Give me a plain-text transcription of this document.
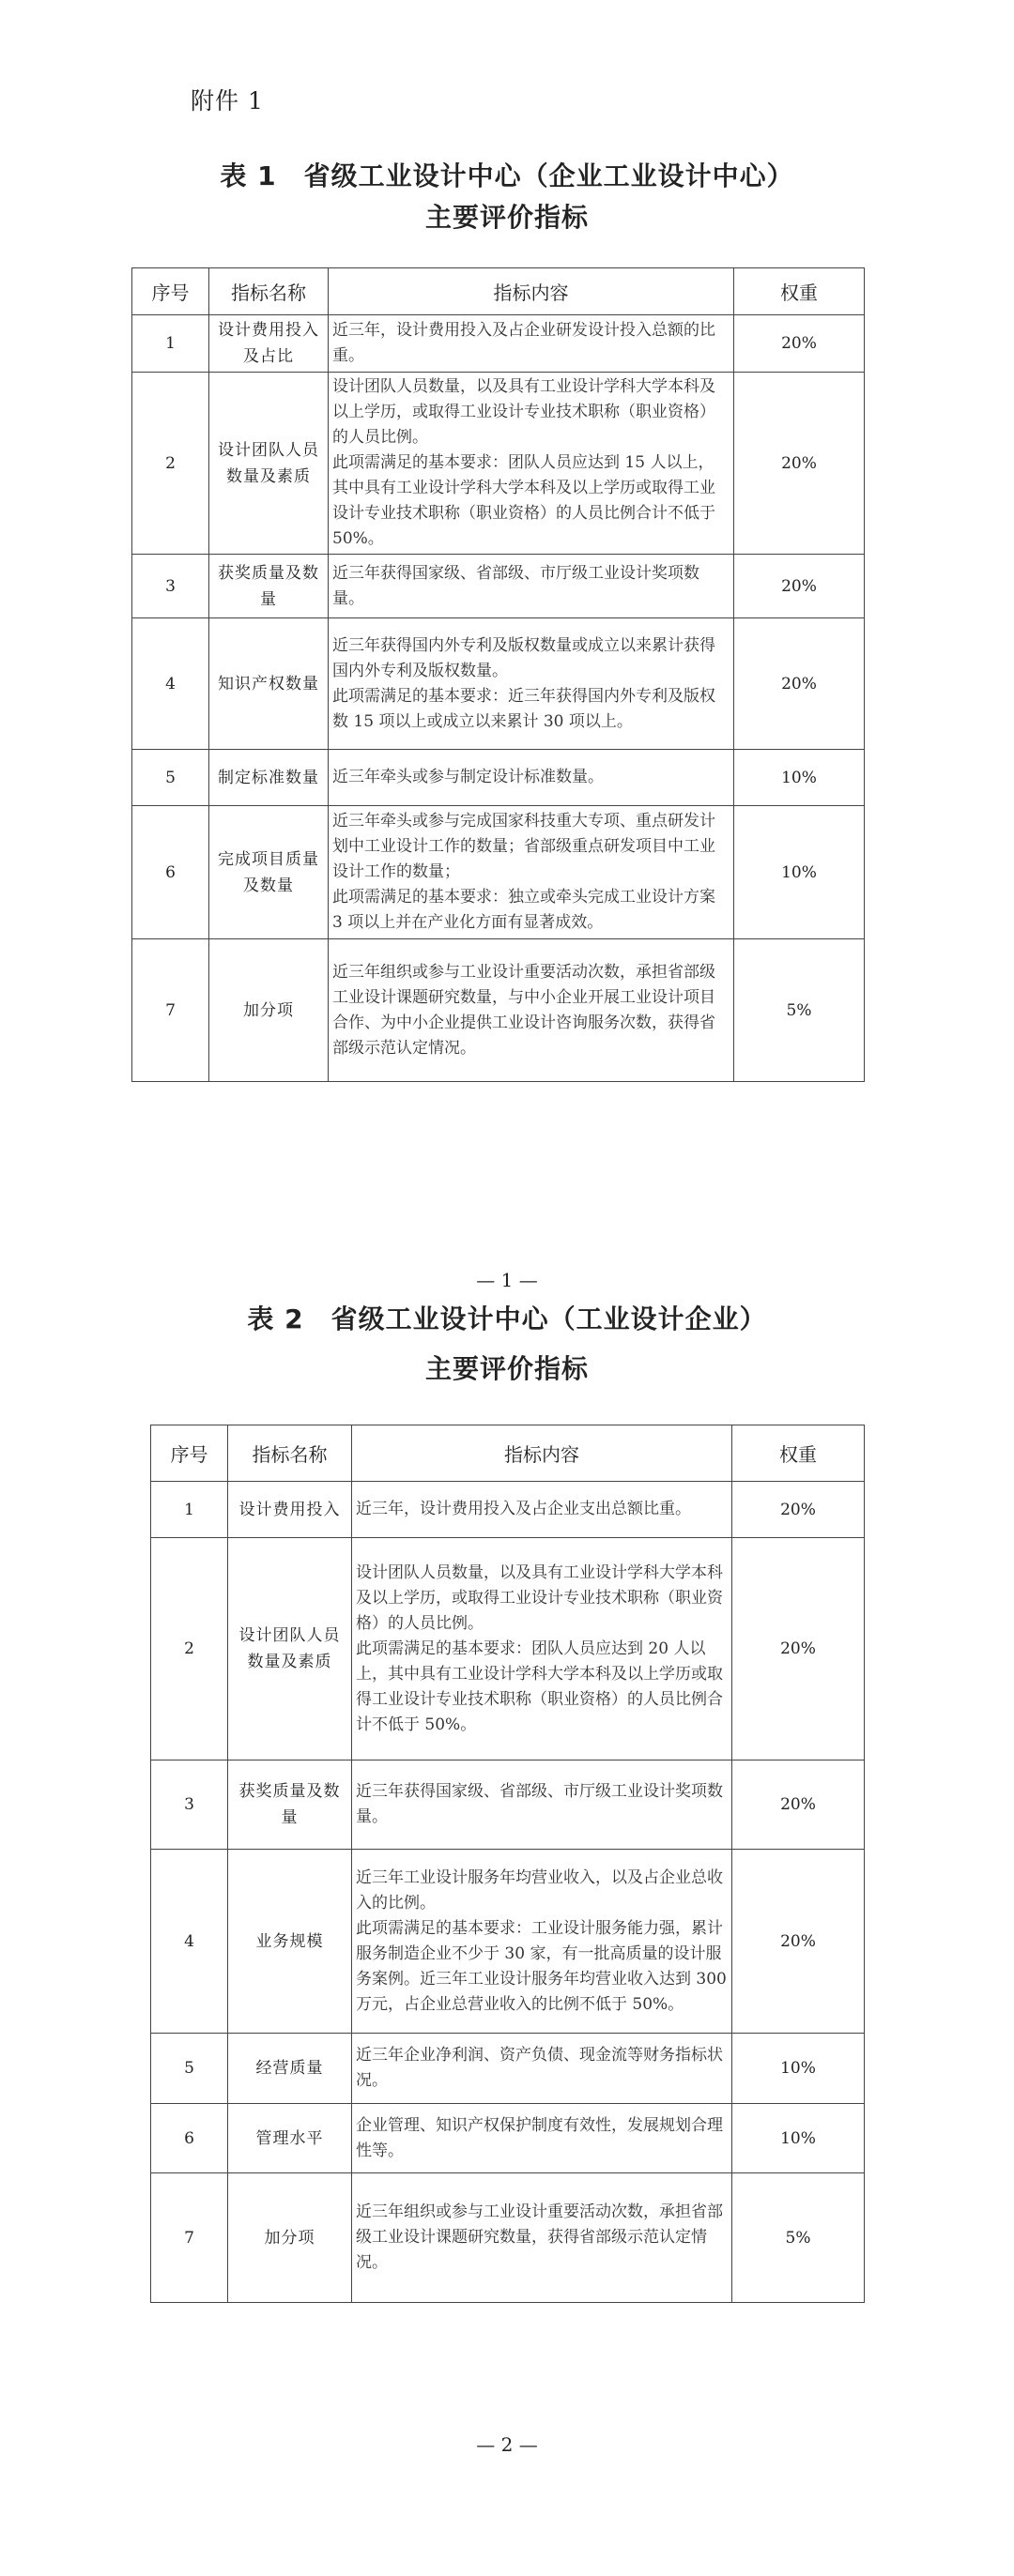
附件 1
表 1　省级工业设计中心（企业工业设计中心）
主要评价指标
序号	指标名称	指标内容	权重
1	设计费用投入及占比	近三年，设计费用投入及占企业研发设计投入总额的比重。	20%
2	设计团队人员数量及素质	设计团队人员数量，以及具有工业设计学科大学本科及以上学历，或取得工业设计专业技术职称（职业资格）的人员比例。
此项需满足的基本要求：团队人员应达到 15 人以上，其中具有工业设计学科大学本科及以上学历或取得工业设计专业技术职称（职业资格）的人员比例合计不低于 50%。	20%
3	获奖质量及数量	近三年获得国家级、省部级、市厅级工业设计奖项数量。	20%
4	知识产权数量	近三年获得国内外专利及版权数量或成立以来累计获得国内外专利及版权数量。
此项需满足的基本要求：近三年获得国内外专利及版权数 15 项以上或成立以来累计 30 项以上。	20%
5	制定标准数量	近三年牵头或参与制定设计标准数量。	10%
6	完成项目质量及数量	近三年牵头或参与完成国家科技重大专项、重点研发计划中工业设计工作的数量；省部级重点研发项目中工业设计工作的数量；
此项需满足的基本要求：独立或牵头完成工业设计方案 3 项以上并在产业化方面有显著成效。	10%
7	加分项	近三年组织或参与工业设计重要活动次数，承担省部级工业设计课题研究数量，与中小企业开展工业设计项目合作、为中小企业提供工业设计咨询服务次数，获得省部级示范认定情况。	5%
— 1 —
表 2　省级工业设计中心（工业设计企业）
主要评价指标
序号	指标名称	指标内容	权重
1	设计费用投入	近三年，设计费用投入及占企业支出总额比重。	20%
2	设计团队人员数量及素质	设计团队人员数量，以及具有工业设计学科大学本科及以上学历，或取得工业设计专业技术职称（职业资格）的人员比例。
此项需满足的基本要求：团队人员应达到 20 人以上，其中具有工业设计学科大学本科及以上学历或取得工业设计专业技术职称（职业资格）的人员比例合计不低于 50%。	20%
3	获奖质量及数量	近三年获得国家级、省部级、市厅级工业设计奖项数量。	20%
4	业务规模	近三年工业设计服务年均营业收入，以及占企业总收入的比例。
此项需满足的基本要求：工业设计服务能力强，累计服务制造企业不少于 30 家，有一批高质量的设计服务案例。近三年工业设计服务年均营业收入达到 300 万元，占企业总营业收入的比例不低于 50%。	20%
5	经营质量	近三年企业净利润、资产负债、现金流等财务指标状况。	10%
6	管理水平	企业管理、知识产权保护制度有效性，发展规划合理性等。	10%
7	加分项	近三年组织或参与工业设计重要活动次数，承担省部级工业设计课题研究数量，获得省部级示范认定情况。	5%
— 2 —
